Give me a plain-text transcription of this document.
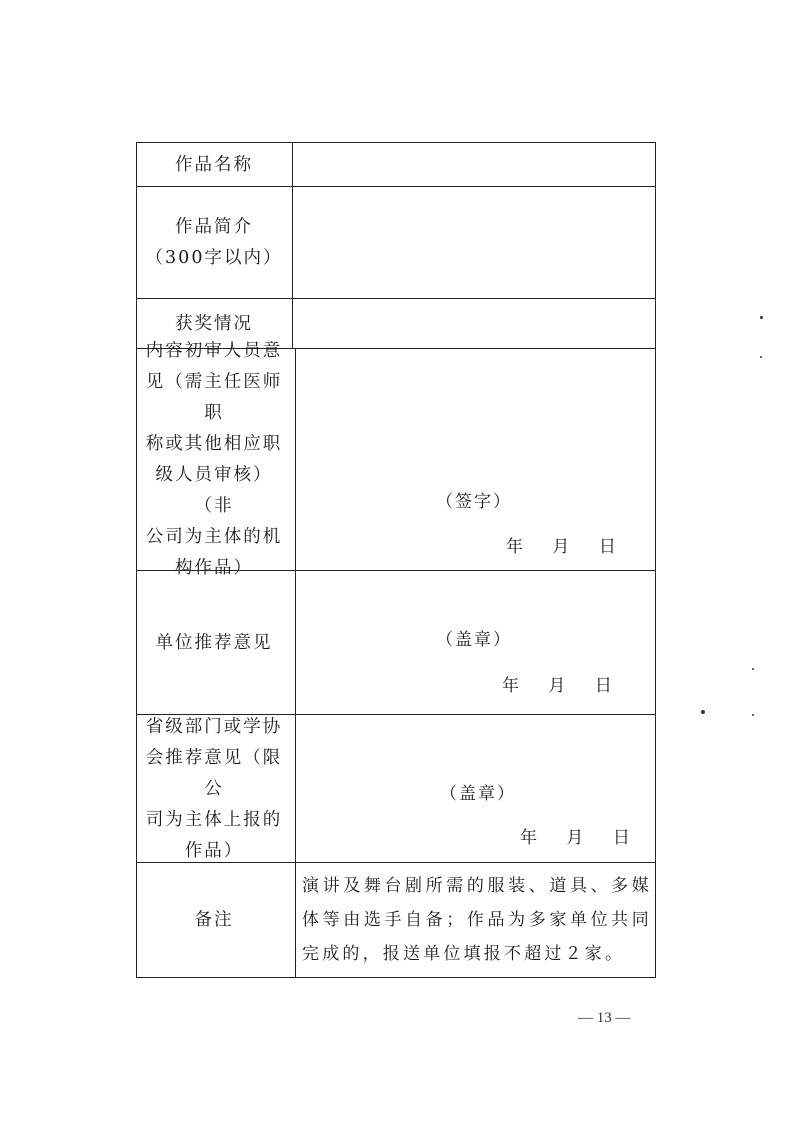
作品名称
作品简介
（300字以内）
获奖情况
内容初审人员意
见（需主任医师职
称或其他相应职
级人员审核）（非
公司为主体的机
构作品）
（签字）
年 月 日
单位推荐意见	（盖章）
年 月 日
省级部门或学协
会推荐意见（限公
司为主体上报的
作品）
（盖章）
年 月 日
备注
演讲及舞台剧所需的服装、道具、多媒体等由选手自备；作品为多家单位共同完成的，报送单位填报不超过２家。
— 13 —
